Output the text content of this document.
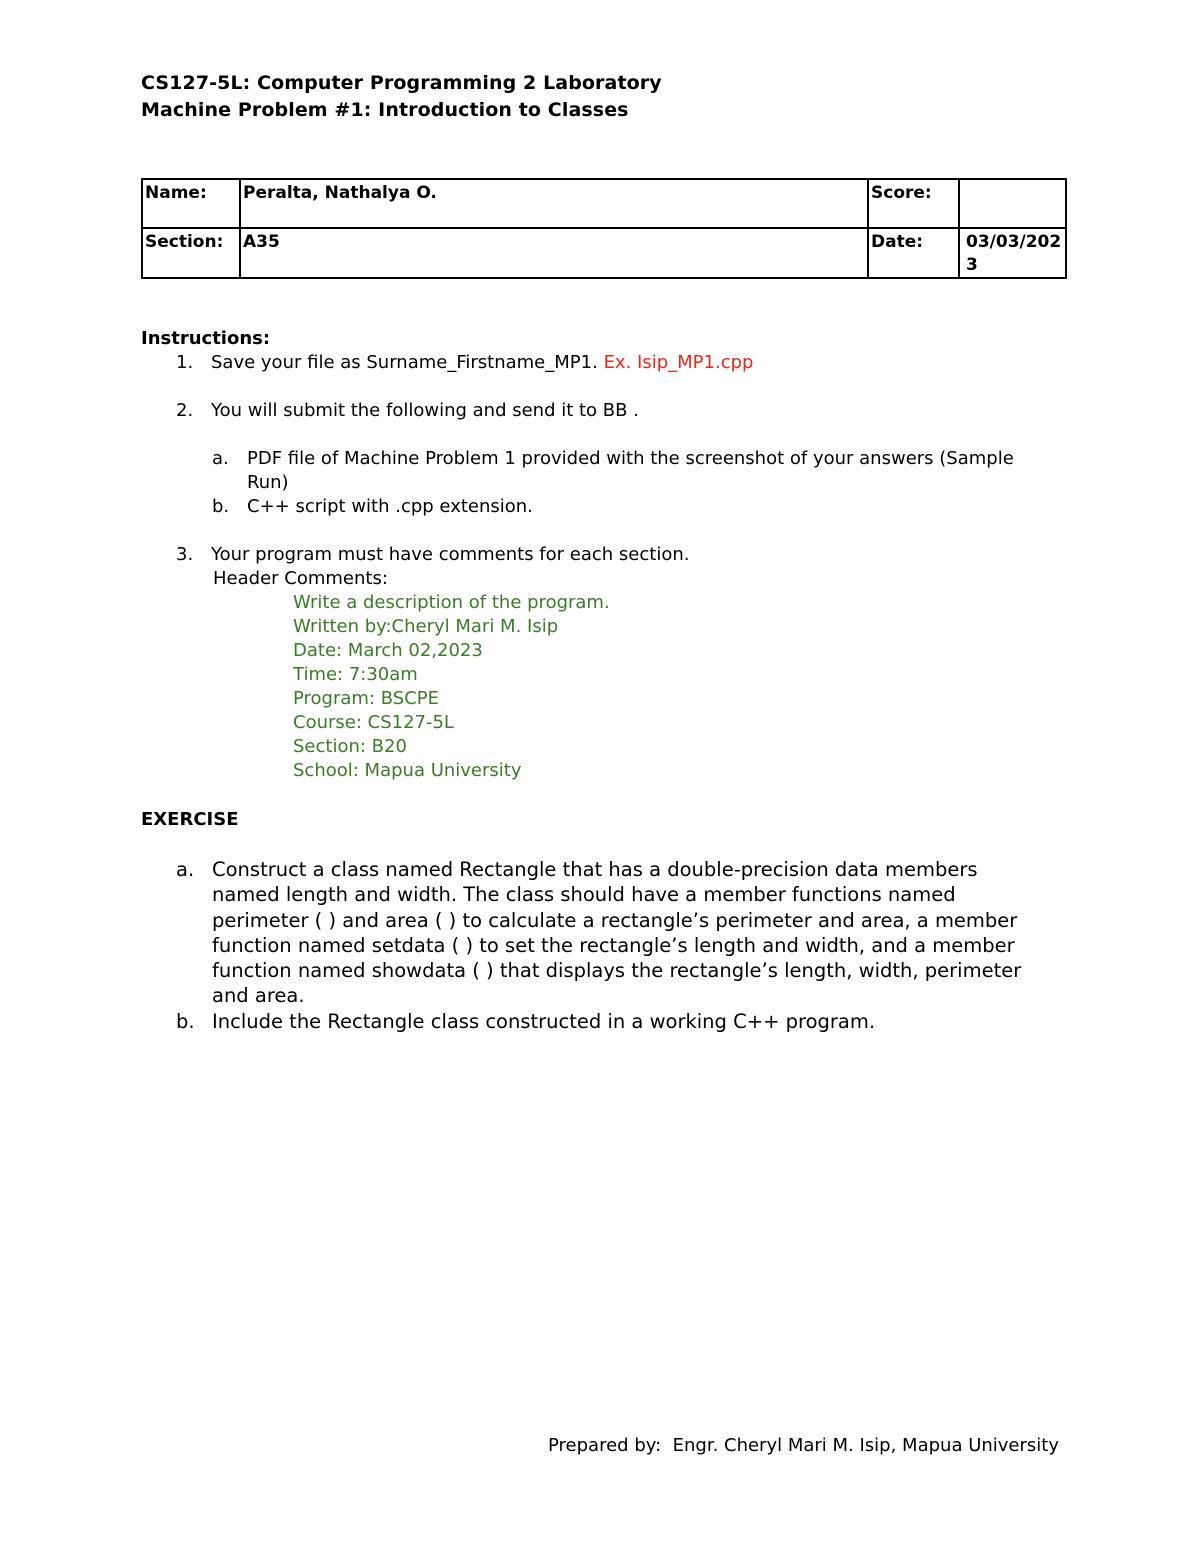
CS127-5L: Computer Programming 2 Laboratory
Machine Problem #1: Introduction to Classes
Name:	Peralta, Nathalya O.	Score:	
Section:	A35	Date:	03/03/202
3
Instructions:
1. Save your file as Surname_Firstname_MP1. Ex. Isip_MP1.cpp
2. You will submit the following and send it to BB .
a. PDF file of Machine Problem 1 provided with the screenshot of your answers (Sample
Run)
b. C++ script with .cpp extension.
3. Your program must have comments for each section.
Header Comments:
Write a description of the program.
Written by:Cheryl Mari M. Isip
Date: March 02,2023
Time: 7:30am
Program: BSCPE
Course: CS127-5L
Section: B20
School: Mapua University
EXERCISE
a. Construct a class named Rectangle that has a double-precision data members
named length and width. The class should have a member functions named
perimeter ( ) and area ( ) to calculate a rectangle’s perimeter and area, a member
function named setdata ( ) to set the rectangle’s length and width, and a member
function named showdata ( ) that displays the rectangle’s length, width, perimeter
and area.
b. Include the Rectangle class constructed in a working C++ program.
Prepared by: Engr. Cheryl Mari M. Isip, Mapua University
